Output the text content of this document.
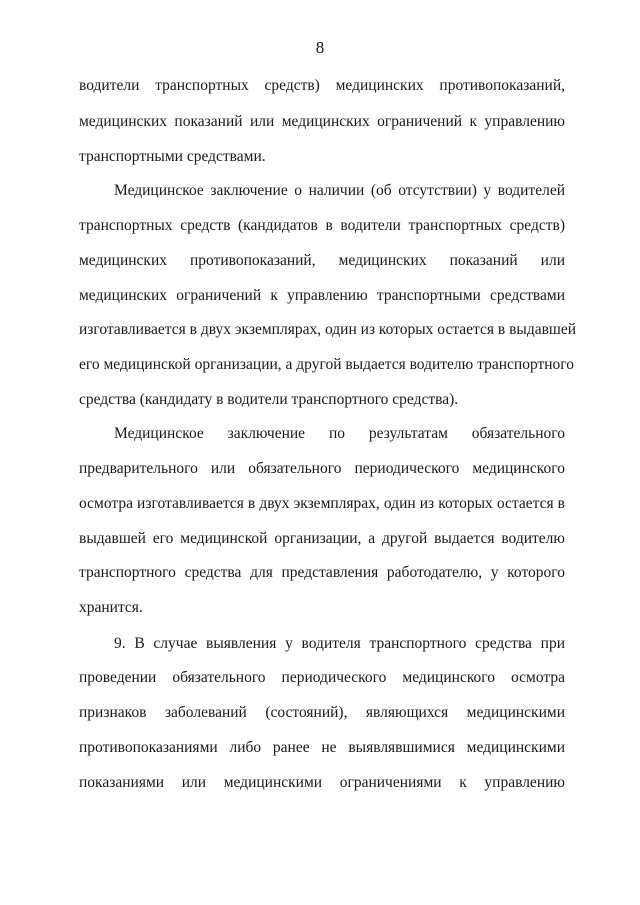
8
водители транспортных средств) медицинских противопоказаний,
медицинских показаний или медицинских ограничений к управлению
транспортными средствами.
Медицинское заключение о наличии (об отсутствии) у водителей
транспортных средств (кандидатов в водители транспортных средств)
медицинских противопоказаний, медицинских показаний или
медицинских ограничений к управлению транспортными средствами
изготавливается в двух экземплярах, один из которых остается в выдавшей
его медицинской организации, а другой выдается водителю транспортного
средства (кандидату в водители транспортного средства).
Медицинское заключение по результатам обязательного
предварительного или обязательного периодического медицинского
осмотра изготавливается в двух экземплярах, один из которых остается в
выдавшей его медицинской организации, а другой выдается водителю
транспортного средства для представления работодателю, у которого
хранится.
9. В случае выявления у водителя транспортного средства при
проведении обязательного периодического медицинского осмотра
признаков заболеваний (состояний), являющихся медицинскими
противопоказаниями либо ранее не выявлявшимися медицинскими
показаниями или медицинскими ограничениями к управлению
